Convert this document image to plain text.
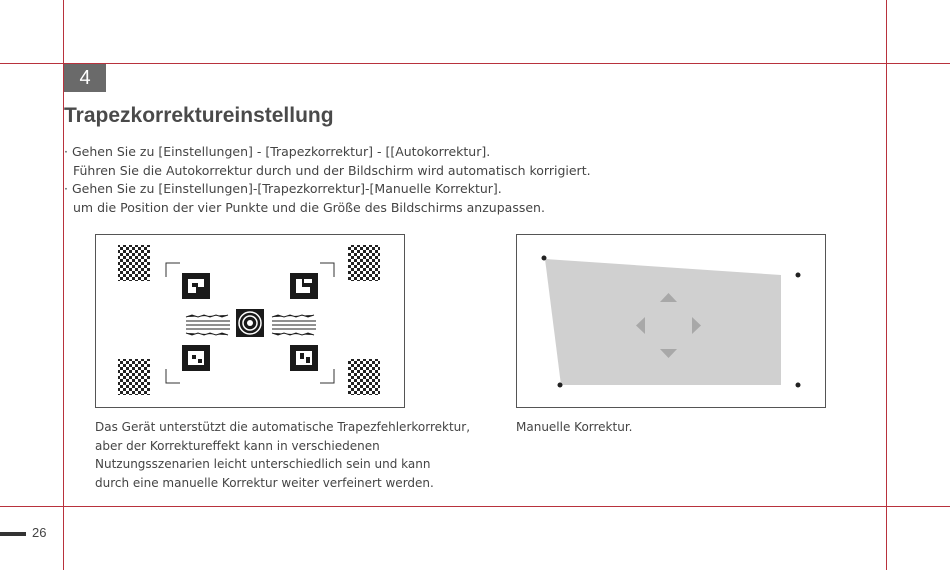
4
Trapezkorrektureinstellung
· Gehen Sie zu [Einstellungen] - [Trapezkorrektur] - [[Autokorrektur].
Führen Sie die Autokorrektur durch und der Bildschirm wird automatisch korrigiert.
· Gehen Sie zu [Einstellungen]-[Trapezkorrektur]-[Manuelle Korrektur].
um die Position der vier Punkte und die Größe des Bildschirms anzupassen.
Das Gerät unterstützt die automatische Trapezfehlerkorrektur,
aber der Korrektureffekt kann in verschiedenen
Nutzungsszenarien leicht unterschiedlich sein und kann
durch eine manuelle Korrektur weiter verfeinert werden.
Manuelle Korrektur.
26
